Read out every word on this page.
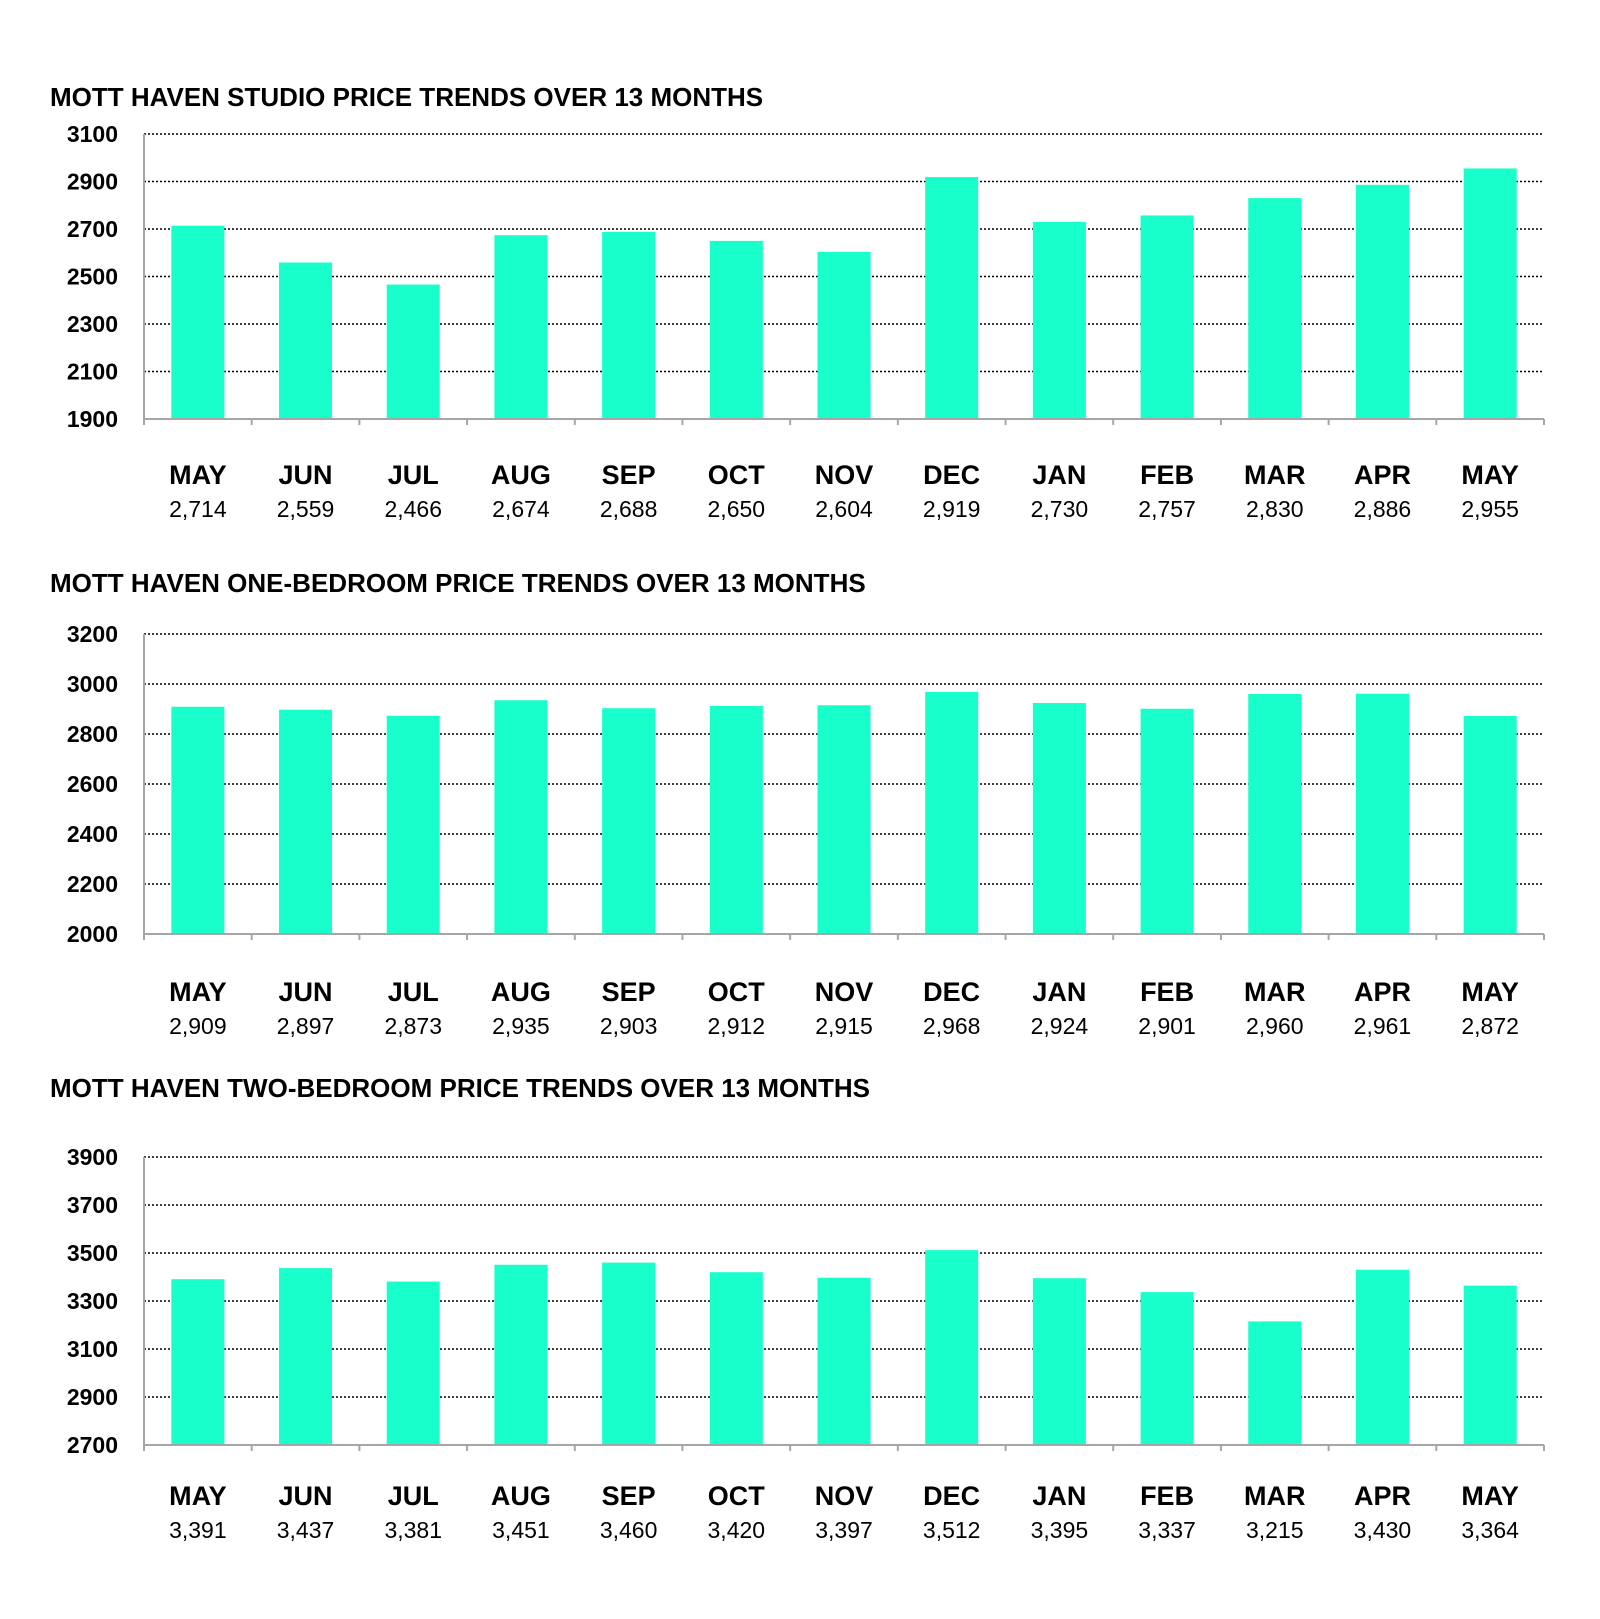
MOTT HAVEN STUDIO PRICE TRENDS OVER 13 MONTHS
1900
2100
2300
2500
2700
2900
3100
MAY
2,714
JUN
2,559
JUL
2,466
AUG
2,674
SEP
2,688
OCT
2,650
NOV
2,604
DEC
2,919
JAN
2,730
FEB
2,757
MAR
2,830
APR
2,886
MAY
2,955
MOTT HAVEN ONE-BEDROOM PRICE TRENDS OVER 13 MONTHS
2000
2200
2400
2600
2800
3000
3200
MAY
2,909
JUN
2,897
JUL
2,873
AUG
2,935
SEP
2,903
OCT
2,912
NOV
2,915
DEC
2,968
JAN
2,924
FEB
2,901
MAR
2,960
APR
2,961
MAY
2,872
MOTT HAVEN TWO-BEDROOM PRICE TRENDS OVER 13 MONTHS
2700
2900
3100
3300
3500
3700
3900
MAY
3,391
JUN
3,437
JUL
3,381
AUG
3,451
SEP
3,460
OCT
3,420
NOV
3,397
DEC
3,512
JAN
3,395
FEB
3,337
MAR
3,215
APR
3,430
MAY
3,364
